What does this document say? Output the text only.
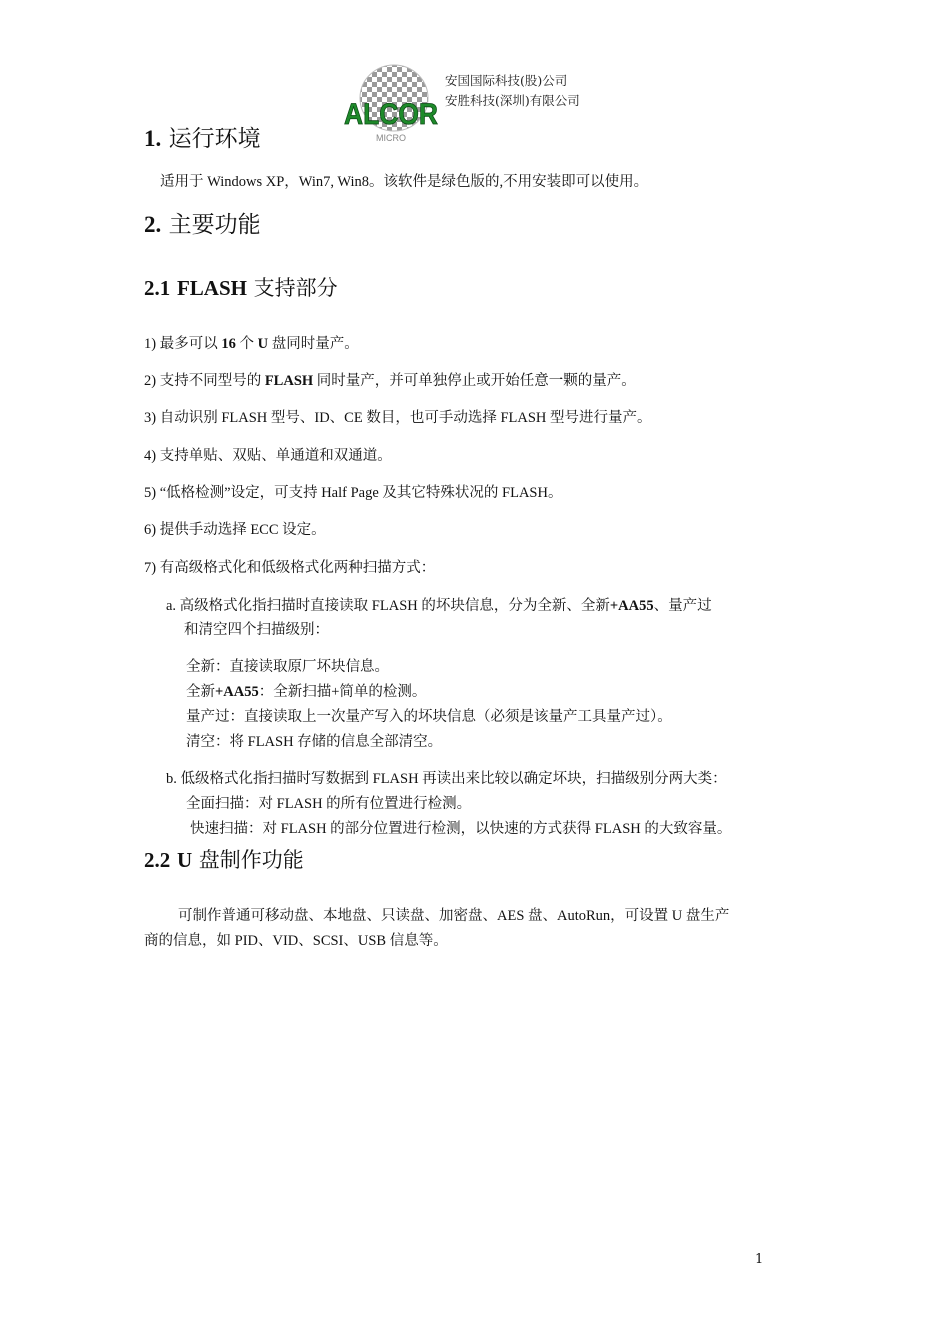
ALCOR
MICRO
安国国际科技(股)公司
安胜科技(深圳)有限公司
1. 运行环境
适用于 Windows XP，Win7, Win8。该软件是绿色版的,不用安装即可以使用。
2. 主要功能
2.1 FLASH 支持部分
1) 最多可以 16 个 U 盘同时量产。
2) 支持不同型号的 FLASH 同时量产，并可单独停止或开始任意一颗的量产。
3) 自动识别 FLASH 型号、ID、CE 数目，也可手动选择 FLASH 型号进行量产。
4) 支持单贴、双贴、单通道和双通道。
5) “低格检测”设定，可支持 Half Page 及其它特殊状况的 FLASH。
6) 提供手动选择 ECC 设定。
7) 有高级格式化和低级格式化两种扫描方式：
a. 高级格式化指扫描时直接读取 FLASH 的坏块信息，分为全新、全新+AA55、量产过
和清空四个扫描级别：
全新：直接读取原厂坏块信息。
全新+AA55：全新扫描+简单的检测。
量产过：直接读取上一次量产写入的坏块信息（必须是该量产工具量产过）。
清空：将 FLASH 存储的信息全部清空。
b. 低级格式化指扫描时写数据到 FLASH 再读出来比较以确定坏块，扫描级别分两大类：
全面扫描：对 FLASH 的所有位置进行检测。
快速扫描：对 FLASH 的部分位置进行检测，以快速的方式获得 FLASH 的大致容量。
2.2 U 盘制作功能
可制作普通可移动盘、本地盘、只读盘、加密盘、AES 盘、AutoRun，可设置 U 盘生产
商的信息，如 PID、VID、SCSI、USB 信息等。
1
